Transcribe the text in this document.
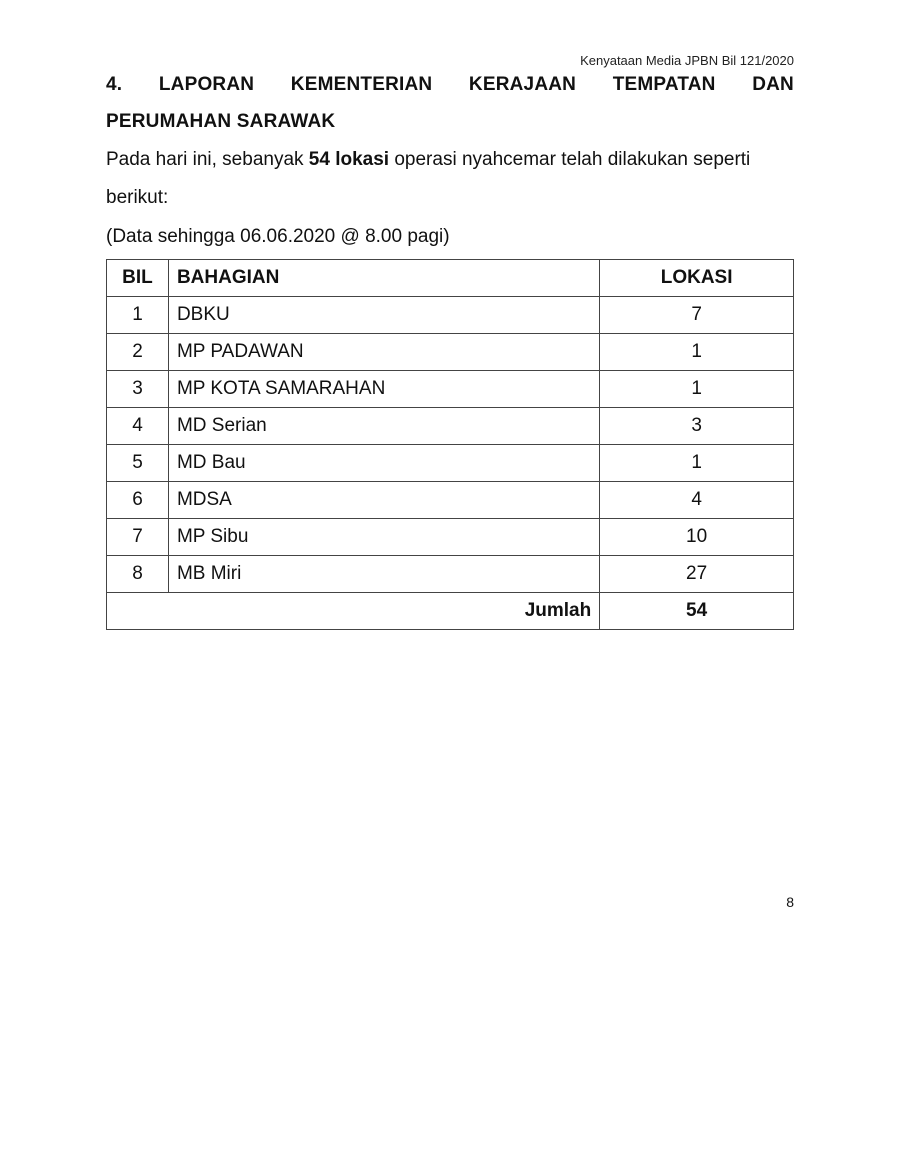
Kenyataan Media JPBN Bil 121/2020
4. LAPORAN KEMENTERIAN KERAJAAN TEMPATAN DAN
PERUMAHAN SARAWAK
Pada hari ini, sebanyak 54 lokasi operasi nyahcemar telah dilakukan seperti
berikut:
(Data sehingga 06.06.2020 @ 8.00 pagi)
BIL	BAHAGIAN	LOKASI
1	DBKU	7
2	MP PADAWAN	1
3	MP KOTA SAMARAHAN	1
4	MD Serian	3
5	MD Bau	1
6	MDSA	4
7	MP Sibu	10
8	MB Miri	27
Jumlah		54
8
